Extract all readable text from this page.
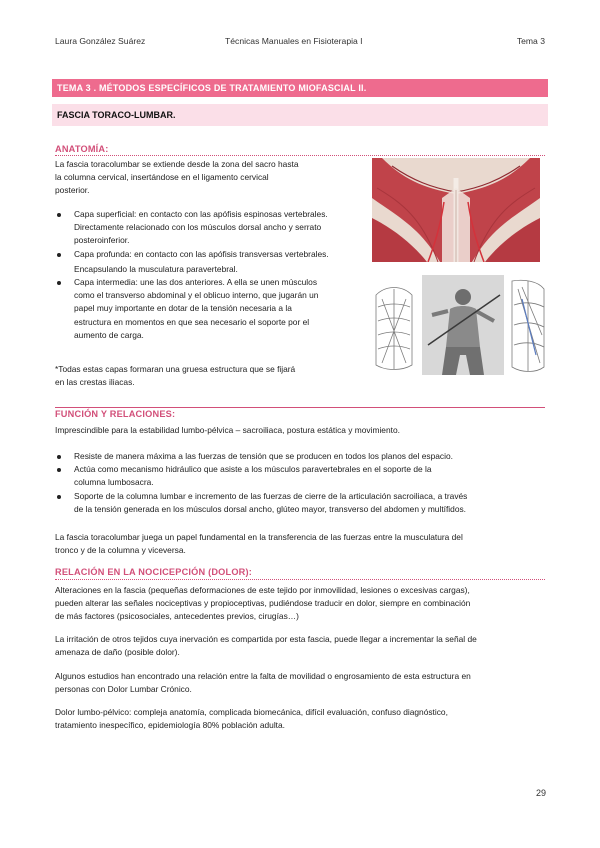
Laura González Suárez	Técnicas Manuales en Fisioterapia I	Tema 3
TEMA 3 . MÉTODOS ESPECÍFICOS DE TRATAMIENTO MIOFASCIAL II.
FASCIA TORACO-LUMBAR.
ANATOMÍA:

La fascia toracolumbar se extiende desde la zona del sacro hasta

la columna cervical, insertándose en el ligamento cervical

posterior.

Capa superficial: en contacto con las apófisis espinosas vertebrales.
Directamente relacionado con los músculos dorsal ancho y serrato
posteroinferior.
Capa profunda: en contacto con las apófisis transversas vertebrales.
Encapsulando la musculatura paravertebral.
Capa intermedia: une las dos anteriores. A ella se unen músculos
como el transverso abdominal y el oblicuo interno, que jugarán un
papel muy importante en dotar de la tensión necesaria a la
estructura en momentos en que sea necesario el soporte por el
aumento de carga.

*Todas estas capas formaran una gruesa estructura que se fijará

en las crestas iliacas.

FUNCIÓN Y RELACIONES:
Imprescindible para la estabilidad lumbo-pélvica – sacroiliaca, postura estática y movimiento.
Resiste de manera máxima a las fuerzas de tensión que se producen en todos los planos del espacio.
Actúa como mecanismo hidráulico que asiste a los músculos paravertebrales en el soporte de la
columna lumbosacra.
Soporte de la columna lumbar e incremento de las fuerzas de cierre de la articulación sacroiliaca, a través
de la tensión generada en los músculos dorsal ancho, glúteo mayor, transverso del abdomen y multífidos.

La fascia toracolumbar juega un papel fundamental en la transferencia de las fuerzas entre la musculatura del

tronco y de la columna y viceversa.

RELACIÓN EN LA NOCICEPCIÓN (DOLOR):

Alteraciones en la fascia (pequeñas deformaciones de este tejido por inmovilidad, lesiones o excesivas cargas),

pueden alterar las señales nociceptivas y propioceptivas, pudiéndose traducir en dolor, siempre en combinación

de más factores (psicosociales, antecedentes previos, cirugías…)

La irritación de otros tejidos cuya inervación es compartida por esta fascia, puede llegar a incrementar la señal de

amenaza de daño (posible dolor).

Algunos estudios han encontrado una relación entre la falta de movilidad o engrosamiento de esta estructura en

personas con Dolor Lumbar Crónico.

Dolor lumbo-pélvico: compleja anatomía, complicada biomecánica, difícil evaluación, confuso diagnóstico,

tratamiento inespecífico, epidemiología 80% población adulta.

29
